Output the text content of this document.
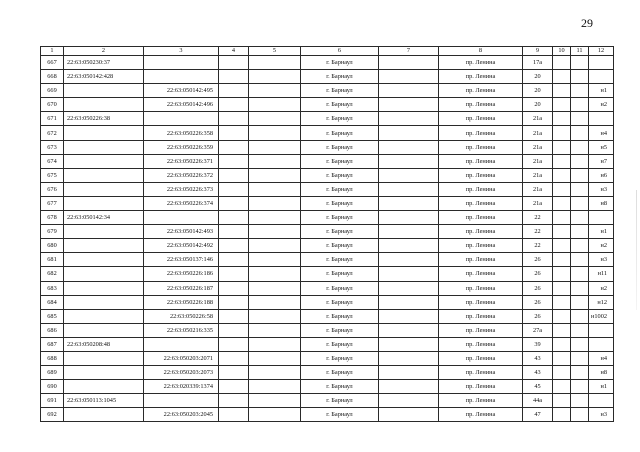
29
1	2	3	4	5	6	7	8	9	10	11	12
667	22:63:050230:37				г. Барнаул		пр. Ленина	17а			
668	22:63:050142:428				г. Барнаул		пр. Ленина	20			
669		22:63:050142:495			г. Барнаул		пр. Ленина	20			н1
670		22:63:050142:496			г. Барнаул		пр. Ленина	20			н2
671	22:63:050226:38				г. Барнаул		пр. Ленина	21а			
672		22:63:050226:358			г. Барнаул		пр. Ленина	21а			н4
673		22:63:050226:359			г. Барнаул		пр. Ленина	21а			н5
674		22:63:050226:371			г. Барнаул		пр. Ленина	21а			н7
675		22:63:050226:372			г. Барнаул		пр. Ленина	21а			н6
676		22:63:050226:373			г. Барнаул		пр. Ленина	21а			н3
677		22:63:050226:374			г. Барнаул		пр. Ленина	21а			н8
678	22:63:050142:34				г. Барнаул		пр. Ленина	22			
679		22:63:050142:493			г. Барнаул		пр. Ленина	22			н1
680		22:63:050142:492			г. Барнаул		пр. Ленина	22			н2
681		22:63:050137:146			г. Барнаул		пр. Ленина	26			н3
682		22:63:050226:186			г. Барнаул		пр. Ленина	26			н11
683		22:63:050226:187			г. Барнаул		пр. Ленина	26			н2
684		22:63:050226:188			г. Барнаул		пр. Ленина	26			н12
685		22:63:050226:58			г. Барнаул		пр. Ленина	26			н1002
686		22:63:050216:335			г. Барнаул		пр. Ленина	27а			
687	22:63:050208:48				г. Барнаул		пр. Ленина	39			
688		22:63:050203:2071			г. Барнаул		пр. Ленина	43			н4
689		22:63:050203:2073			г. Барнаул		пр. Ленина	43			н8
690		22:63:020339:1374			г. Барнаул		пр. Ленина	45			н1
691	22:63:050113:1045				г. Барнаул		пр. Ленина	44а			
692		22:63:050203:2045			г. Барнаул		пр. Ленина	47			н3
